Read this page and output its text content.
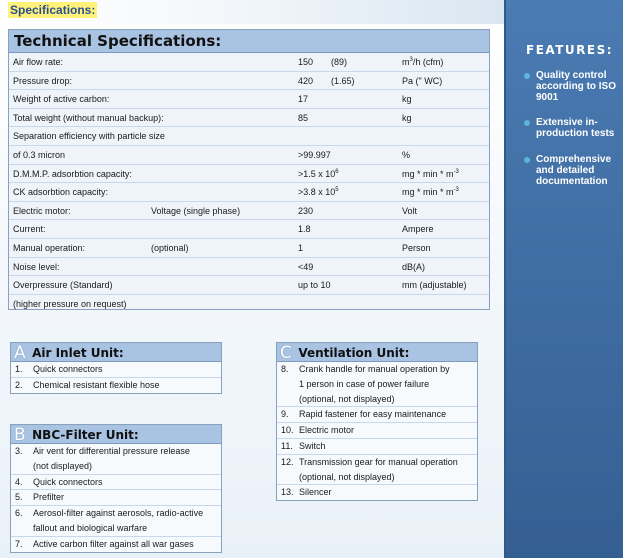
Specifications:
Technical Specifications:
Air flow rate:	150 (89)	$m^3/h$ (cfm)
Pressure drop:	420 (1.65)	Pa (" WC)
Weight of active carbon:	17	kg
Total weight (without manual backup):	85	kg
Separation efficiency with particle size
of 0.3 micron	>99.997	%
D.M.M.P. adsorbtion capacity:	>1.5 x $10^6$	mg * min * $m^{-3}$
CK adsorbtion capacity:	>3.8 x $10^5$	mg * min * $m^{-3}$
Electric motor:	Voltage (single phase)	230	Volt
Current:	1.8	Ampere
Manual operation:	(optional)	1	Person
Noise level:	<49	dB(A)
Overpressure (Standard)	up to 10	mm (adjustable)
(higher pressure on request)
A Air Inlet Unit:
1.	Quick connectors
2.	Chemical resistant flexible hose
B NBC-Filter Unit:
3.	Air vent for differential pressure release
(not displayed)
4.	Quick connectors
5.	Prefilter
6.	Aerosol-filter against aerosols, radio-active
fallout and biological warfare
7.	Active carbon filter against all war gases
C Ventilation Unit:
8.	Crank handle for manual operation by
1 person in case of power failure
(optional, not displayed)
9.	Rapid fastener for easy maintenance
10. Electric motor
11. Switch
12. Transmission gear for manual operation
(optional, not displayed)
13. Silencer
FEATURES:
Quality control according to ISO 9001
Extensive in-production tests
Comprehensive and detailed documentation
